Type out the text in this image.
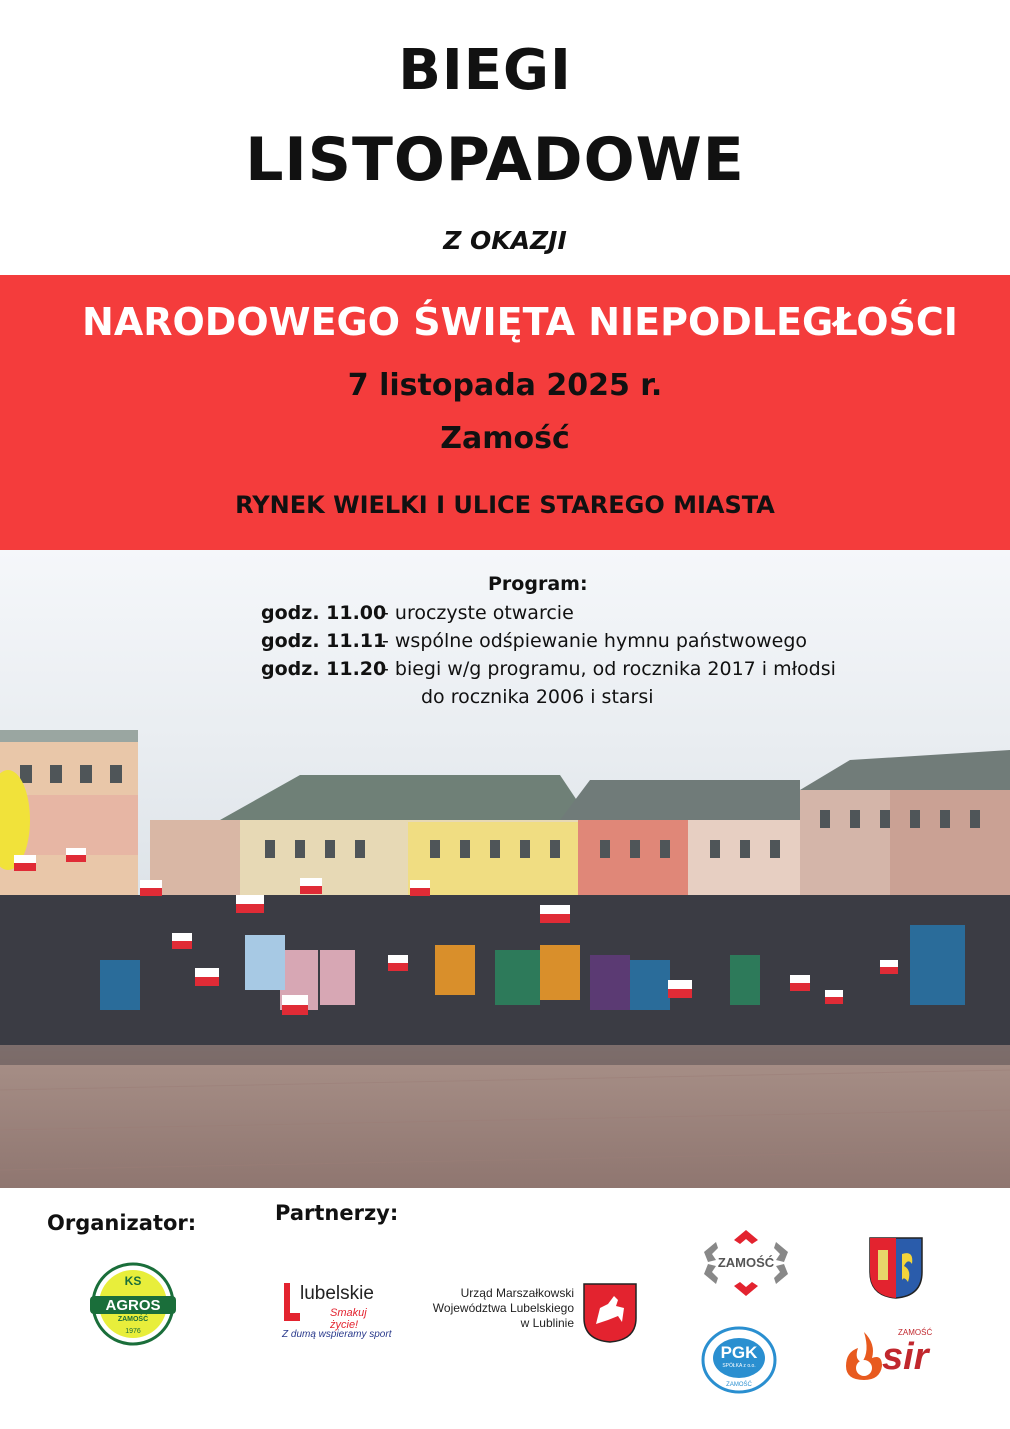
BIEGI
LISTOPADOWE
Z OKAZJI
NARODOWEGO ŚWIĘTA NIEPODLEGŁOŚCI
7 listopada 2025 r.
Zamość
RYNEK WIELKI I ULICE STAREGO MIASTA
Program:
godz. 11.00- uroczyste otwarcie
godz. 11.11- wspólne odśpiewanie hymnu państwowego
godz. 11.20- biegi w/g programu, od rocznika 2017 i młodsi
do rocznika 2006 i starsi
Organizator:	Partnerzy:
KS
AGROS
ZAMOŚĆ
1976
lubelskie
Smakuj życie!
Z dumą wspieramy sport
Urząd Marszałkowski
Województwa Lubelskiego
w Lublinie
ZAMOŚĆ
PGK
SPÓŁKA z o.o.
ZAMOŚĆ
ZAMOŚĆ
sir
